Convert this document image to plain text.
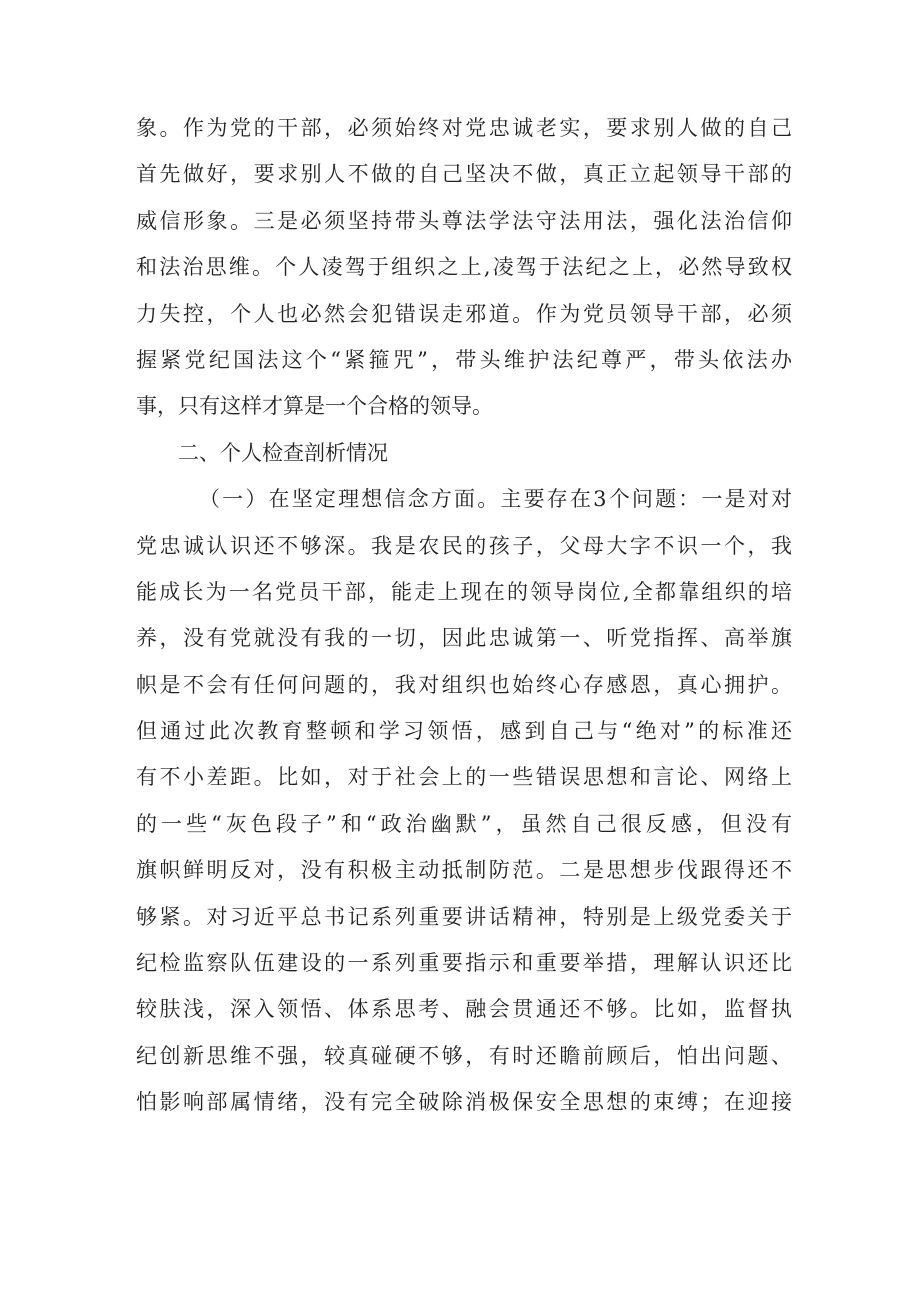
象。作为党的干部，必须始终对党忠诚老实，要求别人做的自己
首先做好，要求别人不做的自己坚决不做，真正立起领导干部的
威信形象。三是必须坚持带头尊法学法守法用法，强化法治信仰
和法治思维。个人凌驾于组织之上,凌驾于法纪之上，必然导致权
力失控，个人也必然会犯错误走邪道。作为党员领导干部，必须
握紧党纪国法这个“紧箍咒”，带头维护法纪尊严，带头依法办
事，只有这样才算是一个合格的领导。
二、个人检查剖析情况
（一）在坚定理想信念方面。主要存在3个问题：一是对对
党忠诚认识还不够深。我是农民的孩子，父母大字不识一个，我
能成长为一名党员干部，能走上现在的领导岗位,全都靠组织的培
养，没有党就没有我的一切，因此忠诚第一、听党指挥、高举旗
帜是不会有任何问题的，我对组织也始终心存感恩，真心拥护。
但通过此次教育整顿和学习领悟，感到自己与“绝对”的标准还
有不小差距。比如，对于社会上的一些错误思想和言论、网络上
的一些“灰色段子”和“政治幽默”，虽然自己很反感，但没有
旗帜鲜明反对，没有积极主动抵制防范。二是思想步伐跟得还不
够紧。对习近平总书记系列重要讲话精神，特别是上级党委关于
纪检监察队伍建设的一系列重要指示和重要举措，理解认识还比
较肤浅，深入领悟、体系思考、融会贯通还不够。比如，监督执
纪创新思维不强，较真碰硬不够，有时还瞻前顾后，怕出问题、
怕影响部属情绪，没有完全破除消极保安全思想的束缚；在迎接
